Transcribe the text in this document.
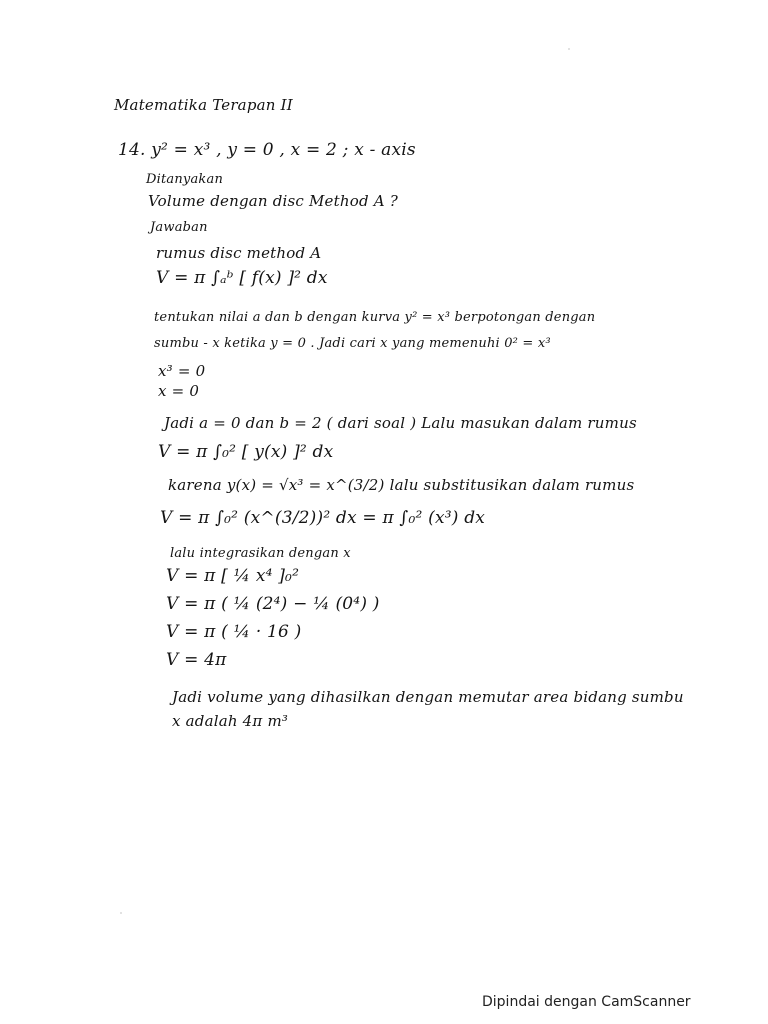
Matematika Terapan II
14. y² = x³ , y = 0 , x = 2 ; x - axis
Ditanyakan
Volume dengan disc Method A ?
Jawaban
rumus disc method A
V = π ∫ₐᵇ [ f(x) ]² dx
tentukan nilai a dan b dengan kurva y² = x³ berpotongan dengan
sumbu - x ketika y = 0 . Jadi cari x yang memenuhi 0² = x³
x³ = 0
x = 0
Jadi a = 0 dan b = 2 ( dari soal ) Lalu masukan dalam rumus
V = π ∫₀² [ y(x) ]² dx
karena y(x) = √x³ = x^(3/2) lalu substitusikan dalam rumus
V = π ∫₀² (x^(3/2))² dx = π ∫₀² (x³) dx
lalu integrasikan dengan x
V = π [ ¼ x⁴ ]₀²
V = π ( ¼ (2⁴) − ¼ (0⁴) )
V = π ( ¼ · 16 )
V = 4π
Jadi volume yang dihasilkan dengan memutar area bidang sumbu
x adalah 4π m³
Dipindai dengan CamScanner
